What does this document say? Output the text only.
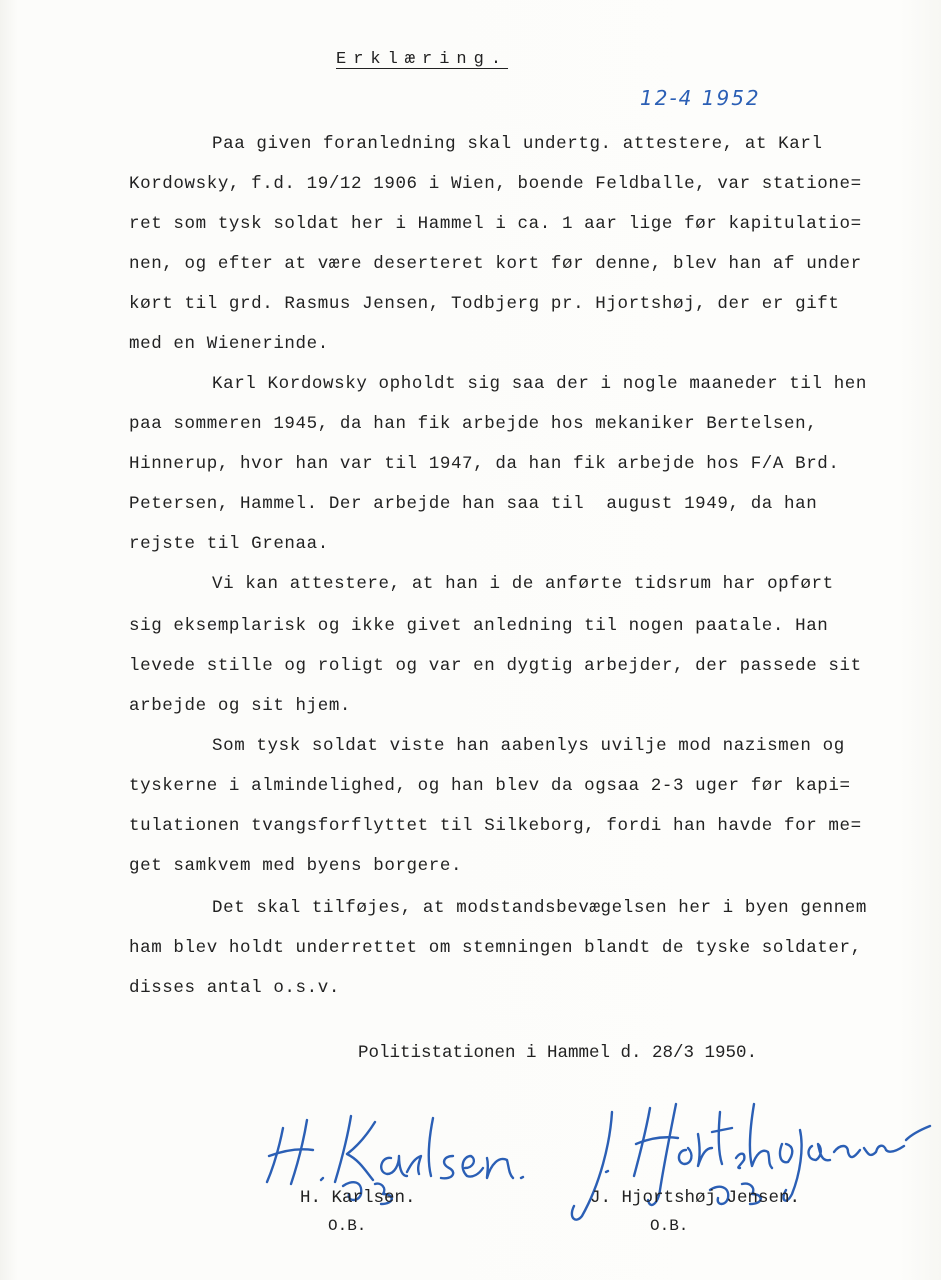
Erklæring.
12-4 1952
Paa given foranledning skal undertg. attestere, at Karl
Kordowsky, f.d. 19/12 1906 i Wien, boende Feldballe, var statione=
ret som tysk soldat her i Hammel i ca. 1 aar lige før kapitulatio=
nen, og efter at være deserteret kort før denne, blev han af under
kørt til grd. Rasmus Jensen, Todbjerg pr. Hjortshøj, der er gift
med en Wienerinde.
Karl Kordowsky opholdt sig saa der i nogle maaneder til hen
paa sommeren 1945, da han fik arbejde hos mekaniker Bertelsen,
Hinnerup, hvor han var til 1947, da han fik arbejde hos F/A Brd.
Petersen, Hammel. Der arbejde han saa til  august 1949, da han
rejste til Grenaa.
Vi kan attestere, at han i de anførte tidsrum har opført
sig eksemplarisk og ikke givet anledning til nogen paatale. Han
levede stille og roligt og var en dygtig arbejder, der passede sit
arbejde og sit hjem.
Som tysk soldat viste han aabenlys uvilje mod nazismen og
tyskerne i almindelighed, og han blev da ogsaa 2-3 uger før kapi=
tulationen tvangsforflyttet til Silkeborg, fordi han havde for me=
get samkvem med byens borgere.
Det skal tilføjes, at modstandsbevægelsen her i byen gennem
ham blev holdt underrettet om stemningen blandt de tyske soldater,
disses antal o.s.v.
Politistationen i Hammel d. 28/3 1950.
H. Karlsen.
O.B.
J. Hjortshøj Jensen.
O.B.
